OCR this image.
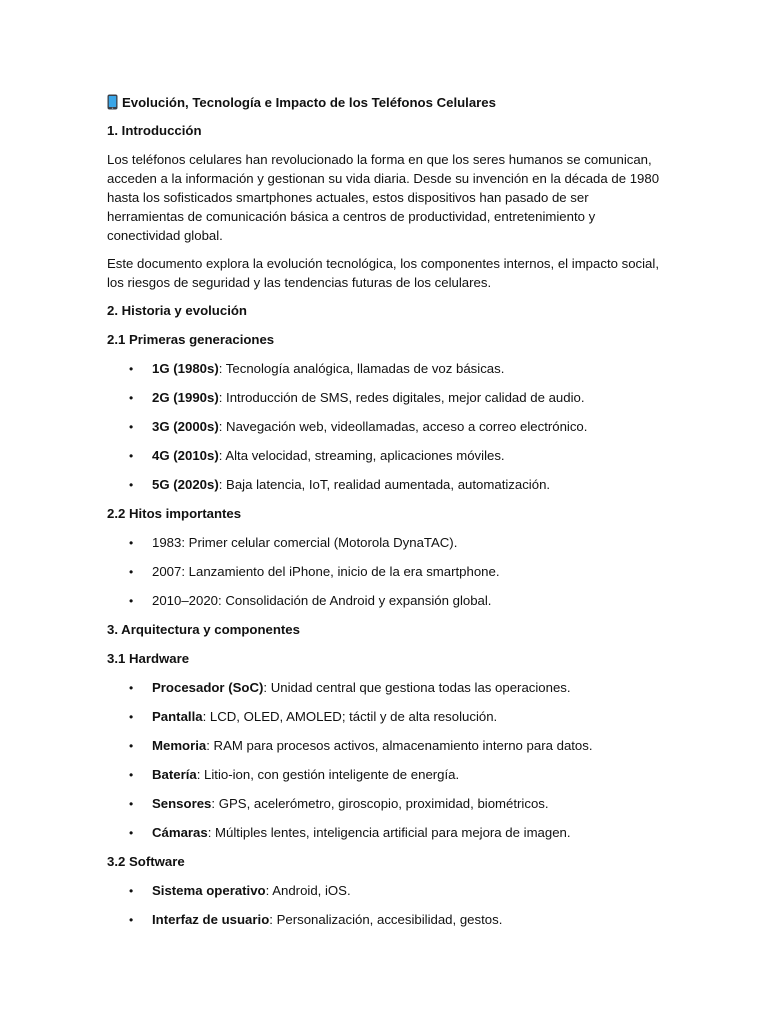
Evolución, Tecnología e Impacto de los Teléfonos Celulares
1. Introducción

Los teléfonos celulares han revolucionado la forma en que los seres humanos se comunican, acceden a la información y gestionan su vida diaria. Desde su invención en la década de 1980 hasta los sofisticados smartphones actuales, estos dispositivos han pasado de ser herramientas de comunicación básica a centros de productividad, entretenimiento y conectividad global.

Este documento explora la evolución tecnológica, los componentes internos, el impacto social, los riesgos de seguridad y las tendencias futuras de los celulares.

2. Historia y evolución
2.1 Primeras generaciones
• 1G (1980s): Tecnología analógica, llamadas de voz básicas.
• 2G (1990s): Introducción de SMS, redes digitales, mejor calidad de audio.
• 3G (2000s): Navegación web, videollamadas, acceso a correo electrónico.
• 4G (2010s): Alta velocidad, streaming, aplicaciones móviles.
• 5G (2020s): Baja latencia, IoT, realidad aumentada, automatización.
2.2 Hitos importantes
• 1983: Primer celular comercial (Motorola DynaTAC).
• 2007: Lanzamiento del iPhone, inicio de la era smartphone.
• 2010–2020: Consolidación de Android y expansión global.
3. Arquitectura y componentes
3.1 Hardware
• Procesador (SoC): Unidad central que gestiona todas las operaciones.
• Pantalla: LCD, OLED, AMOLED; táctil y de alta resolución.
• Memoria: RAM para procesos activos, almacenamiento interno para datos.
• Batería: Litio-ion, con gestión inteligente de energía.
• Sensores: GPS, acelerómetro, giroscopio, proximidad, biométricos.
• Cámaras: Múltiples lentes, inteligencia artificial para mejora de imagen.
3.2 Software
• Sistema operativo: Android, iOS.
• Interfaz de usuario: Personalización, accesibilidad, gestos.
